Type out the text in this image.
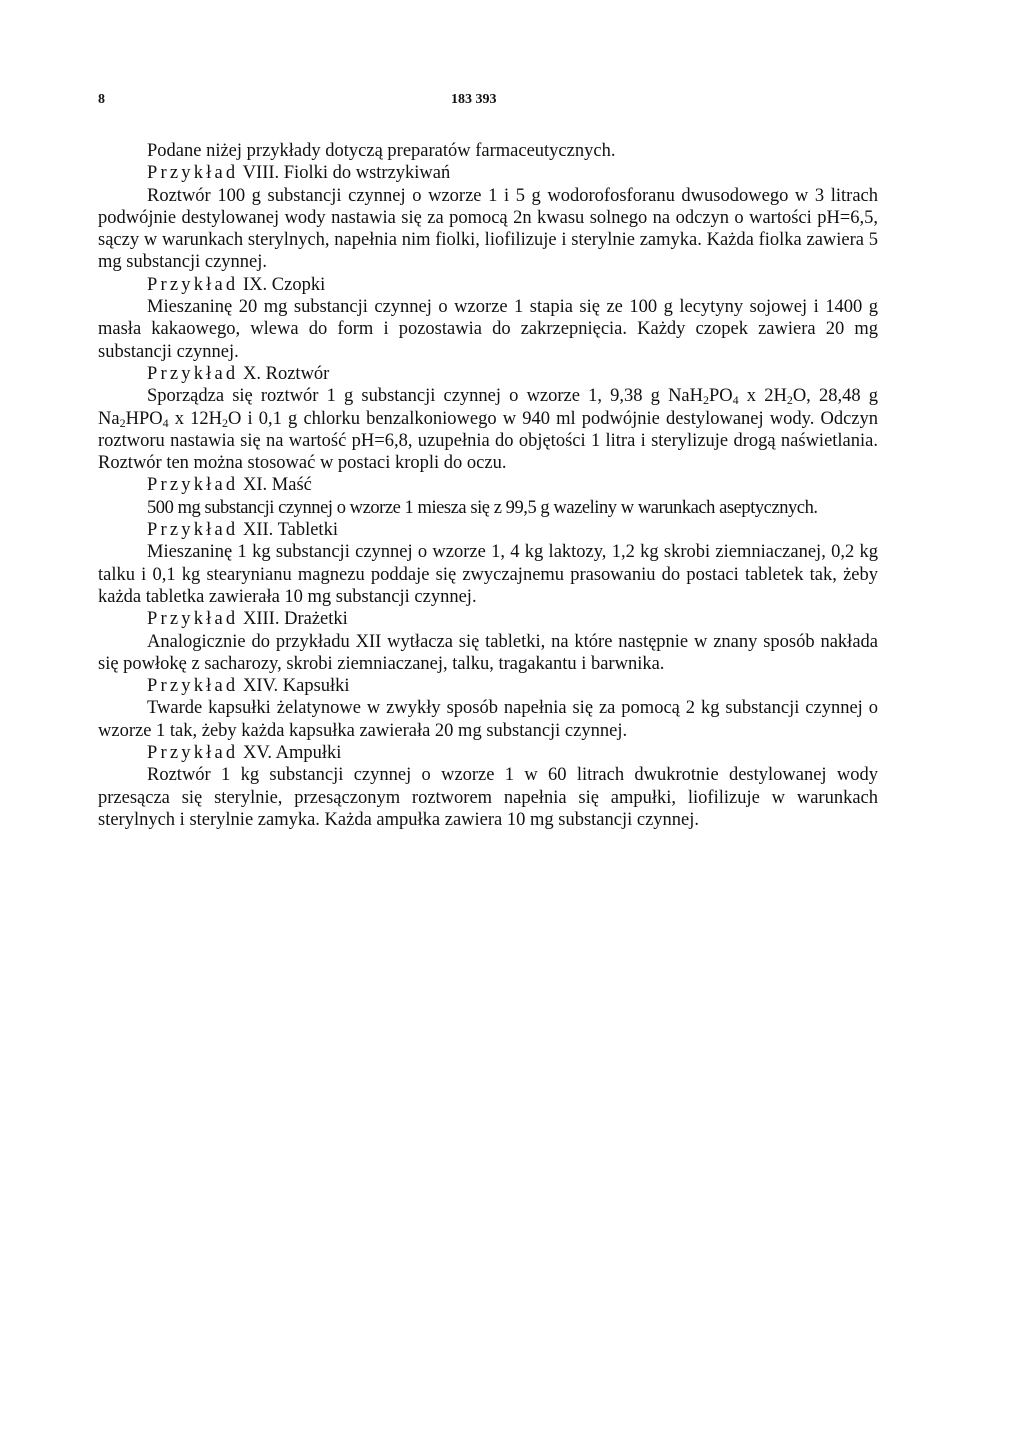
8	183 393

Podane niżej przykłady dotyczą preparatów farmaceutycznych.

Przykład VIII. Fiolki do wstrzykiwań

Roztwór 100 g substancji czynnej o wzorze 1 i 5 g wodorofosforanu dwusodowego w 3 litrach podwójnie destylowanej wody nastawia się za pomocą 2n kwasu solnego na odczyn o wartości pH=6,5, sączy w warunkach sterylnych, napełnia nim fiolki, liofilizuje i sterylnie zamyka. Każda fiolka zawiera 5 mg substancji czynnej.

Przykład IX. Czopki

Mieszaninę 20 mg substancji czynnej o wzorze 1 stapia się ze 100 g lecytyny sojowej i 1400 g masła kakaowego, wlewa do form i pozostawia do zakrzepnięcia. Każdy czopek zawiera 20 mg substancji czynnej.

Przykład X. Roztwór

Sporządza się roztwór 1 g substancji czynnej o wzorze 1, 9,38 g $NaH_2PO_4$ x $2H_2O$, 28,48 g $Na_2HPO_4$ x $12H_2O$ i 0,1 g chlorku benzalkoniowego w 940 ml podwójnie destylowanej wody. Odczyn roztworu nastawia się na wartość pH=6,8, uzupełnia do objętości 1 litra i sterylizuje drogą naświetlania. Roztwór ten można stosować w postaci kropli do oczu.

Przykład XI. Maść

500 mg substancji czynnej o wzorze 1 miesza się z 99,5 g wazeliny w warunkach aseptycznych.

Przykład XII. Tabletki

Mieszaninę 1 kg substancji czynnej o wzorze 1, 4 kg laktozy, 1,2 kg skrobi ziemniaczanej, 0,2 kg talku i 0,1 kg stearynianu magnezu poddaje się zwyczajnemu prasowaniu do postaci tabletek tak, żeby każda tabletka zawierała 10 mg substancji czynnej.

Przykład XIII. Drażetki

Analogicznie do przykładu XII wytłacza się tabletki, na które następnie w znany sposób nakłada się powłokę z sacharozy, skrobi ziemniaczanej, talku, tragakantu i barwnika.

Przykład XIV. Kapsułki

Twarde kapsułki żelatynowe w zwykły sposób napełnia się za pomocą 2 kg substancji czynnej o wzorze 1 tak, żeby każda kapsułka zawierała 20 mg substancji czynnej.

Przykład XV. Ampułki

Roztwór 1 kg substancji czynnej o wzorze 1 w 60 litrach dwukrotnie destylowanej wody przesącza się sterylnie, przesączonym roztworem napełnia się ampułki, liofilizuje w warunkach sterylnych i sterylnie zamyka. Każda ampułka zawiera 10 mg substancji czynnej.
